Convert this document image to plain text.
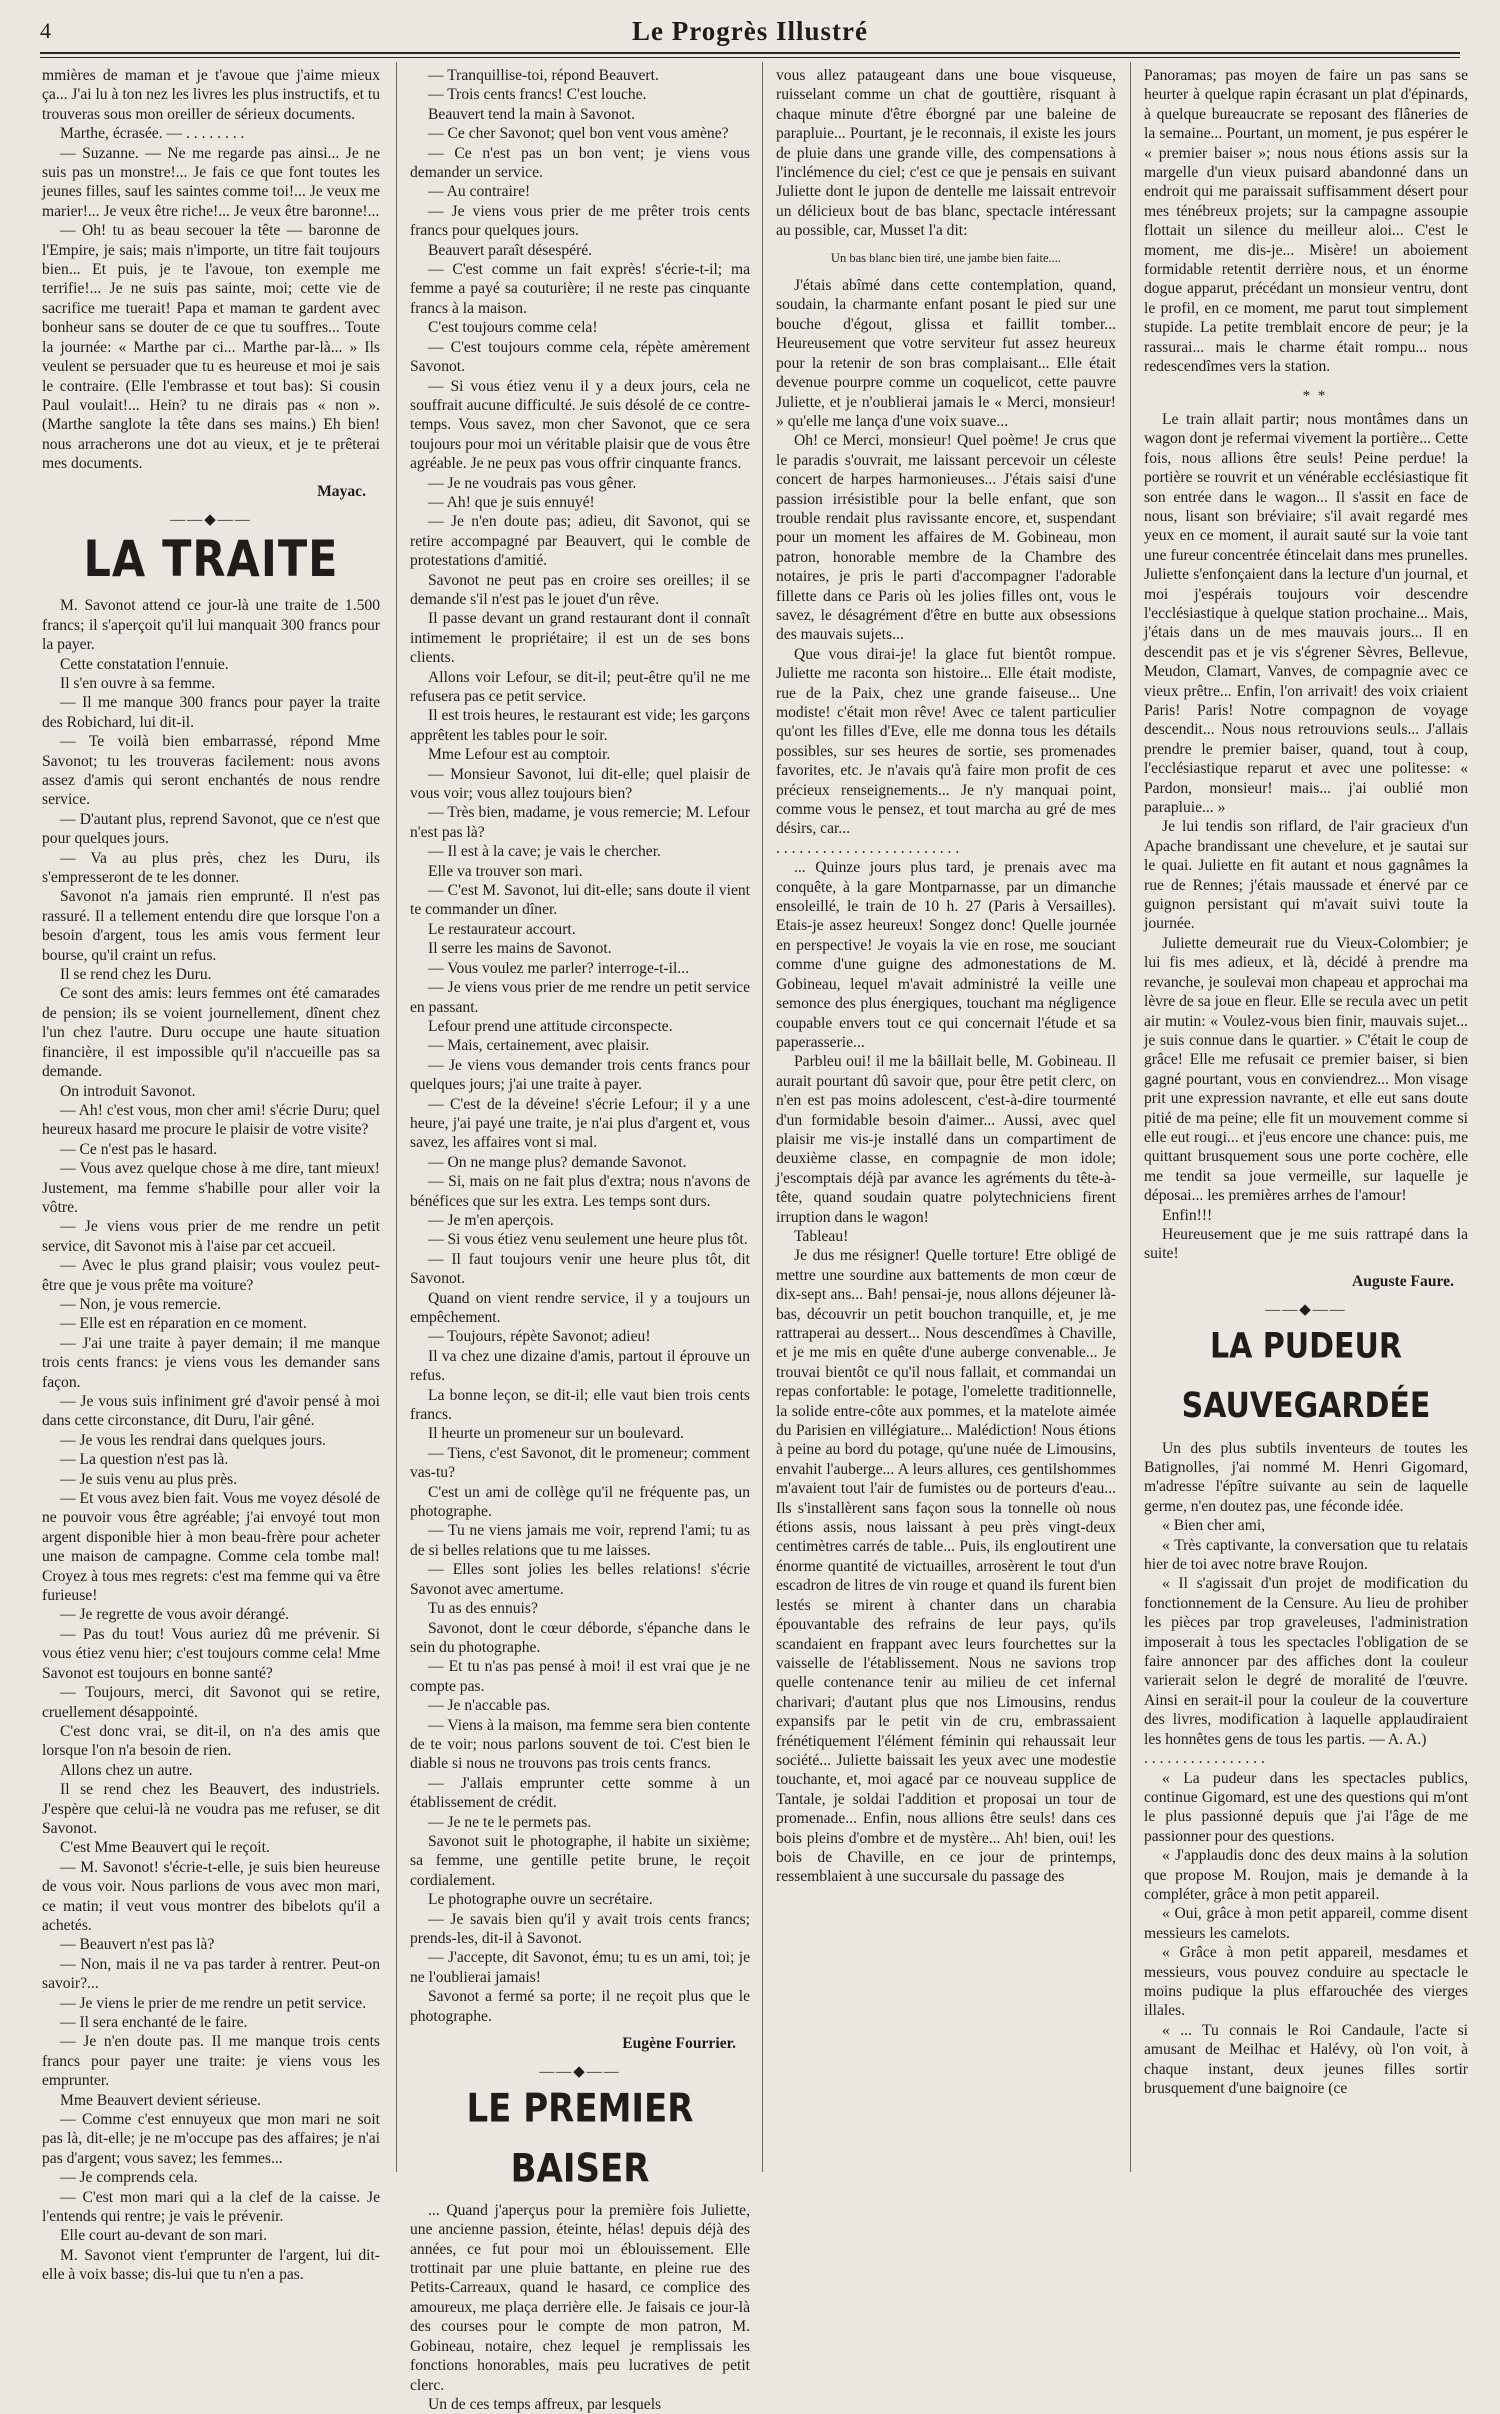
4	Le Progrès Illustré

mmières de maman et je t'avoue que j'aime mieux ça... J'ai lu à ton nez les livres les plus instructifs, et tu trouveras sous mon oreiller de sérieux documents.

Marthe, écrasée. — . . . . . . . .

— Suzanne. — Ne me regarde pas ainsi... Je ne suis pas un monstre!... Je fais ce que font toutes les jeunes filles, sauf les saintes comme toi!... Je veux me marier!... Je veux être riche!... Je veux être baronne!...

— Oh! tu as beau secouer la tête — baronne de l'Empire, je sais; mais n'importe, un titre fait toujours bien... Et puis, je te l'avoue, ton exemple me terrifie!... Je ne suis pas sainte, moi; cette vie de sacrifice me tuerait! Papa et maman te gardent avec bonheur sans se douter de ce que tu souffres... Toute la journée: « Marthe par ci... Marthe par-là... » Ils veulent se persuader que tu es heureuse et moi je sais le contraire. (Elle l'embrasse et tout bas): Si cousin Paul voulait!... Hein? tu ne dirais pas « non ». (Marthe sanglote la tête dans ses mains.) Eh bien! nous arracherons une dot au vieux, et je te prêterai mes documents.

Mayac.

——◆——
LA TRAITE

M. Savonot attend ce jour-là une traite de 1.500 francs; il s'aperçoit qu'il lui manquait 300 francs pour la payer.

Cette constatation l'ennuie.

Il s'en ouvre à sa femme.

— Il me manque 300 francs pour payer la traite des Robichard, lui dit-il.

— Te voilà bien embarrassé, répond Mme Savonot; tu les trouveras facilement: nous avons assez d'amis qui seront enchantés de nous rendre service.

— D'autant plus, reprend Savonot, que ce n'est que pour quelques jours.

— Va au plus près, chez les Duru, ils s'empresseront de te les donner.

Savonot n'a jamais rien emprunté. Il n'est pas rassuré. Il a tellement entendu dire que lorsque l'on a besoin d'argent, tous les amis vous ferment leur bourse, qu'il craint un refus.

Il se rend chez les Duru.

Ce sont des amis: leurs femmes ont été camarades de pension; ils se voient journellement, dînent chez l'un chez l'autre. Duru occupe une haute situation financière, il est impossible qu'il n'accueille pas sa demande.

On introduit Savonot.

— Ah! c'est vous, mon cher ami! s'écrie Duru; quel heureux hasard me procure le plaisir de votre visite?

— Ce n'est pas le hasard.

— Vous avez quelque chose à me dire, tant mieux! Justement, ma femme s'habille pour aller voir la vôtre.

— Je viens vous prier de me rendre un petit service, dit Savonot mis à l'aise par cet accueil.

— Avec le plus grand plaisir; vous voulez peut-être que je vous prête ma voiture?

— Non, je vous remercie.

— Elle est en réparation en ce moment.

— J'ai une traite à payer demain; il me manque trois cents francs: je viens vous les demander sans façon.

— Je vous suis infiniment gré d'avoir pensé à moi dans cette circonstance, dit Duru, l'air gêné.

— Je vous les rendrai dans quelques jours.

— La question n'est pas là.

— Je suis venu au plus près.

— Et vous avez bien fait. Vous me voyez désolé de ne pouvoir vous être agréable; j'ai envoyé tout mon argent disponible hier à mon beau-frère pour acheter une maison de campagne. Comme cela tombe mal! Croyez à tous mes regrets: c'est ma femme qui va être furieuse!

— Je regrette de vous avoir dérangé.

— Pas du tout! Vous auriez dû me prévenir. Si vous étiez venu hier; c'est toujours comme cela! Mme Savonot est toujours en bonne santé?

— Toujours, merci, dit Savonot qui se retire, cruellement désappointé.

C'est donc vrai, se dit-il, on n'a des amis que lorsque l'on n'a besoin de rien.

Allons chez un autre.

Il se rend chez les Beauvert, des industriels. J'espère que celui-là ne voudra pas me refuser, se dit Savonot.

C'est Mme Beauvert qui le reçoit.

— M. Savonot! s'écrie-t-elle, je suis bien heureuse de vous voir. Nous parlions de vous avec mon mari, ce matin; il veut vous montrer des bibelots qu'il a achetés.

— Beauvert n'est pas là?

— Non, mais il ne va pas tarder à rentrer. Peut-on savoir?...

— Je viens le prier de me rendre un petit service.

— Il sera enchanté de le faire.

— Je n'en doute pas. Il me manque trois cents francs pour payer une traite: je viens vous les emprunter.

Mme Beauvert devient sérieuse.

— Comme c'est ennuyeux que mon mari ne soit pas là, dit-elle; je ne m'occupe pas des affaires; je n'ai pas d'argent; vous savez; les femmes...

— Je comprends cela.

— C'est mon mari qui a la clef de la caisse. Je l'entends qui rentre; je vais le prévenir.

Elle court au-devant de son mari.

M. Savonot vient t'emprunter de l'argent, lui dit-elle à voix basse; dis-lui que tu n'en a pas.

— Tranquillise-toi, répond Beauvert.

— Trois cents francs! C'est louche.

Beauvert tend la main à Savonot.

— Ce cher Savonot; quel bon vent vous amène?

— Ce n'est pas un bon vent; je viens vous demander un service.

— Au contraire!

— Je viens vous prier de me prêter trois cents francs pour quelques jours.

Beauvert paraît désespéré.

— C'est comme un fait exprès! s'écrie-t-il; ma femme a payé sa couturière; il ne reste pas cinquante francs à la maison.

C'est toujours comme cela!

— C'est toujours comme cela, répète amèrement Savonot.

— Si vous étiez venu il y a deux jours, cela ne souffrait aucune difficulté. Je suis désolé de ce contre-temps. Vous savez, mon cher Savonot, que ce sera toujours pour moi un véritable plaisir que de vous être agréable. Je ne peux pas vous offrir cinquante francs.

— Je ne voudrais pas vous gêner.

— Ah! que je suis ennuyé!

— Je n'en doute pas; adieu, dit Savonot, qui se retire accompagné par Beauvert, qui le comble de protestations d'amitié.

Savonot ne peut pas en croire ses oreilles; il se demande s'il n'est pas le jouet d'un rêve.

Il passe devant un grand restaurant dont il connaît intimement le propriétaire; il est un de ses bons clients.

Allons voir Lefour, se dit-il; peut-être qu'il ne me refusera pas ce petit service.

Il est trois heures, le restaurant est vide; les garçons apprêtent les tables pour le soir.

Mme Lefour est au comptoir.

— Monsieur Savonot, lui dit-elle; quel plaisir de vous voir; vous allez toujours bien?

— Très bien, madame, je vous remercie; M. Lefour n'est pas là?

— Il est à la cave; je vais le chercher.

Elle va trouver son mari.

— C'est M. Savonot, lui dit-elle; sans doute il vient te commander un dîner.

Le restaurateur accourt.

Il serre les mains de Savonot.

— Vous voulez me parler? interroge-t-il...

— Je viens vous prier de me rendre un petit service en passant.

Lefour prend une attitude circonspecte.

— Mais, certainement, avec plaisir.

— Je viens vous demander trois cents francs pour quelques jours; j'ai une traite à payer.

— C'est de la déveine! s'écrie Lefour; il y a une heure, j'ai payé une traite, je n'ai plus d'argent et, vous savez, les affaires vont si mal.

— On ne mange plus? demande Savonot.

— Si, mais on ne fait plus d'extra; nous n'avons de bénéfices que sur les extra. Les temps sont durs.

— Je m'en aperçois.

— Si vous étiez venu seulement une heure plus tôt.

— Il faut toujours venir une heure plus tôt, dit Savonot.

Quand on vient rendre service, il y a toujours un empêchement.

— Toujours, répète Savonot; adieu!

Il va chez une dizaine d'amis, partout il éprouve un refus.

La bonne leçon, se dit-il; elle vaut bien trois cents francs.

Il heurte un promeneur sur un boulevard.

— Tiens, c'est Savonot, dit le promeneur; comment vas-tu?

C'est un ami de collège qu'il ne fréquente pas, un photographe.

— Tu ne viens jamais me voir, reprend l'ami; tu as de si belles relations que tu me laisses.

— Elles sont jolies les belles relations! s'écrie Savonot avec amertume.

Tu as des ennuis?

Savonot, dont le cœur déborde, s'épanche dans le sein du photographe.

— Et tu n'as pas pensé à moi! il est vrai que je ne compte pas.

— Je n'accable pas.

— Viens à la maison, ma femme sera bien contente de te voir; nous parlons souvent de toi. C'est bien le diable si nous ne trouvons pas trois cents francs.

— J'allais emprunter cette somme à un établissement de crédit.

— Je ne te le permets pas.

Savonot suit le photographe, il habite un sixième; sa femme, une gentille petite brune, le reçoit cordialement.

Le photographe ouvre un secrétaire.

— Je savais bien qu'il y avait trois cents francs; prends-les, dit-il à Savonot.

— J'accepte, dit Savonot, ému; tu es un ami, toi; je ne l'oublierai jamais!

Savonot a fermé sa porte; il ne reçoit plus que le photographe.

Eugène Fourrier.

——◆——
LE PREMIER BAISER

... Quand j'aperçus pour la première fois Juliette, une ancienne passion, éteinte, hélas! depuis déjà des années, ce fut pour moi un éblouissement. Elle trottinait par une pluie battante, en pleine rue des Petits-Carreaux, quand le hasard, ce complice des amoureux, me plaça derrière elle. Je faisais ce jour-là des courses pour le compte de mon patron, M. Gobineau, notaire, chez lequel je remplissais les fonctions honorables, mais peu lucratives de petit clerc.

Un de ces temps affreux, par lesquels

vous allez pataugeant dans une boue visqueuse, ruisselant comme un chat de gouttière, risquant à chaque minute d'être éborgné par une baleine de parapluie... Pourtant, je le reconnais, il existe les jours de pluie dans une grande ville, des compensations à l'inclémence du ciel; c'est ce que je pensais en suivant Juliette dont le jupon de dentelle me laissait entrevoir un délicieux bout de bas blanc, spectacle intéressant au possible, car, Musset l'a dit:

Un bas blanc bien tiré, une jambe bien faite....

J'étais abîmé dans cette contemplation, quand, soudain, la charmante enfant posant le pied sur une bouche d'égout, glissa et faillit tomber... Heureusement que votre serviteur fut assez heureux pour la retenir de son bras complaisant... Elle était devenue pourpre comme un coquelicot, cette pauvre Juliette, et je n'oublierai jamais le « Merci, monsieur! » qu'elle me lança d'une voix suave...

Oh! ce Merci, monsieur! Quel poème! Je crus que le paradis s'ouvrait, me laissant percevoir un céleste concert de harpes harmonieuses... J'étais saisi d'une passion irrésistible pour la belle enfant, que son trouble rendait plus ravissante encore, et, suspendant pour un moment les affaires de M. Gobineau, mon patron, honorable membre de la Chambre des notaires, je pris le parti d'accompagner l'adorable fillette dans ce Paris où les jolies filles ont, vous le savez, le désagrément d'être en butte aux obsessions des mauvais sujets...

Que vous dirai-je! la glace fut bientôt rompue. Juliette me raconta son histoire... Elle était modiste, rue de la Paix, chez une grande faiseuse... Une modiste! c'était mon rêve! Avec ce talent particulier qu'ont les filles d'Eve, elle me donna tous les détails possibles, sur ses heures de sortie, ses promenades favorites, etc. Je n'avais qu'à faire mon profit de ces précieux renseignements... Je n'y manquai point, comme vous le pensez, et tout marcha au gré de mes désirs, car...

. . . . . . . . . . . . . . . . . . . . . . . .

... Quinze jours plus tard, je prenais avec ma conquête, à la gare Montparnasse, par un dimanche ensoleillé, le train de 10 h. 27 (Paris à Versailles). Etais-je assez heureux! Songez donc! Quelle journée en perspective! Je voyais la vie en rose, me souciant comme d'une guigne des admonestations de M. Gobineau, lequel m'avait administré la veille une semonce des plus énergiques, touchant ma négligence coupable envers tout ce qui concernait l'étude et sa paperasserie...

Parbleu oui! il me la bâillait belle, M. Gobineau. Il aurait pourtant dû savoir que, pour être petit clerc, on n'en est pas moins adolescent, c'est-à-dire tourmenté d'un formidable besoin d'aimer... Aussi, avec quel plaisir me vis-je installé dans un compartiment de deuxième classe, en compagnie de mon idole; j'escomptais déjà par avance les agréments du tête-à-tête, quand soudain quatre polytechniciens firent irruption dans le wagon!

Tableau!

Je dus me résigner! Quelle torture! Etre obligé de mettre une sourdine aux battements de mon cœur de dix-sept ans... Bah! pensai-je, nous allons déjeuner là-bas, découvrir un petit bouchon tranquille, et, je me rattraperai au dessert... Nous descendîmes à Chaville, et je me mis en quête d'une auberge convenable... Je trouvai bientôt ce qu'il nous fallait, et commandai un repas confortable: le potage, l'omelette traditionnelle, la solide entre-côte aux pommes, et la matelote aimée du Parisien en villégiature... Malédiction! Nous étions à peine au bord du potage, qu'une nuée de Limousins, envahit l'auberge... A leurs allures, ces gentilshommes m'avaient tout l'air de fumistes ou de porteurs d'eau... Ils s'installèrent sans façon sous la tonnelle où nous étions assis, nous laissant à peu près vingt-deux centimètres carrés de table... Puis, ils engloutirent une énorme quantité de victuailles, arrosèrent le tout d'un escadron de litres de vin rouge et quand ils furent bien lestés se mirent à chanter dans un charabia épouvantable des refrains de leur pays, qu'ils scandaient en frappant avec leurs fourchettes sur la vaisselle de l'établissement. Nous ne savions trop quelle contenance tenir au milieu de cet infernal charivari; d'autant plus que nos Limousins, rendus expansifs par le petit vin de cru, embrassaient frénétiquement l'élément féminin qui rehaussait leur société... Juliette baissait les yeux avec une modestie touchante, et, moi agacé par ce nouveau supplice de Tantale, je soldai l'addition et proposai un tour de promenade... Enfin, nous allions être seuls! dans ces bois pleins d'ombre et de mystère... Ah! bien, oui! les bois de Chaville, en ce jour de printemps, ressemblaient à une succursale du passage des

Panoramas; pas moyen de faire un pas sans se heurter à quelque rapin écrasant un plat d'épinards, à quelque bureaucrate se reposant des flâneries de la semaine... Pourtant, un moment, je pus espérer le « premier baiser »; nous nous étions assis sur la margelle d'un vieux puisard abandonné dans un endroit qui me paraissait suffisamment désert pour mes ténébreux projets; sur la campagne assoupie flottait un silence du meilleur aloi... C'est le moment, me dis-je... Misère! un aboiement formidable retentit derrière nous, et un énorme dogue apparut, précédant un monsieur ventru, dont le profil, en ce moment, me parut tout simplement stupide. La petite tremblait encore de peur; je la rassurai... mais le charme était rompu... nous redescendîmes vers la station.

* *

Le train allait partir; nous montâmes dans un wagon dont je refermai vivement la portière... Cette fois, nous allions être seuls! Peine perdue! la portière se rouvrit et un vénérable ecclésiastique fit son entrée dans le wagon... Il s'assit en face de nous, lisant son bréviaire; s'il avait regardé mes yeux en ce moment, il aurait sauté sur la voie tant une fureur concentrée étincelait dans mes prunelles. Juliette s'enfonçaient dans la lecture d'un journal, et moi j'espérais toujours voir descendre l'ecclésiastique à quelque station prochaine... Mais, j'étais dans un de mes mauvais jours... Il en descendit pas et je vis s'égrener Sèvres, Bellevue, Meudon, Clamart, Vanves, de compagnie avec ce vieux prêtre... Enfin, l'on arrivait! des voix criaient Paris! Paris! Notre compagnon de voyage descendit... Nous nous retrouvions seuls... J'allais prendre le premier baiser, quand, tout à coup, l'ecclésiastique reparut et avec une politesse: « Pardon, monsieur! mais... j'ai oublié mon parapluie... »

Je lui tendis son riflard, de l'air gracieux d'un Apache brandissant une chevelure, et je sautai sur le quai. Juliette en fit autant et nous gagnâmes la rue de Rennes; j'étais maussade et énervé par ce guignon persistant qui m'avait suivi toute la journée.

Juliette demeurait rue du Vieux-Colombier; je lui fis mes adieux, et là, décidé à prendre ma revanche, je soulevai mon chapeau et approchai ma lèvre de sa joue en fleur. Elle se recula avec un petit air mutin: « Voulez-vous bien finir, mauvais sujet... je suis connue dans le quartier. » C'était le coup de grâce! Elle me refusait ce premier baiser, si bien gagné pourtant, vous en conviendrez... Mon visage prit une expression navrante, et elle eut sans doute pitié de ma peine; elle fit un mouvement comme si elle eut rougi... et j'eus encore une chance: puis, me quittant brusquement sous une porte cochère, elle me tendit sa joue vermeille, sur laquelle je déposai... les premières arrhes de l'amour!

Enfin!!!

Heureusement que je me suis rattrapé dans la suite!

Auguste Faure.

——◆——
LA PUDEUR SAUVEGARDÉE

Un des plus subtils inventeurs de toutes les Batignolles, j'ai nommé M. Henri Gigomard, m'adresse l'épître suivante au sein de laquelle germe, n'en doutez pas, une féconde idée.

« Bien cher ami,

« Très captivante, la conversation que tu relatais hier de toi avec notre brave Roujon.

« Il s'agissait d'un projet de modification du fonctionnement de la Censure. Au lieu de prohiber les pièces par trop graveleuses, l'administration imposerait à tous les spectacles l'obligation de se faire annoncer par des affiches dont la couleur varierait selon le degré de moralité de l'œuvre. Ainsi en serait-il pour la couleur de la couverture des livres, modification à laquelle applaudiraient les honnêtes gens de tous les partis. — A. A.)

. . . . . . . . . . . . . . . .

« La pudeur dans les spectacles publics, continue Gigomard, est une des questions qui m'ont le plus passionné depuis que j'ai l'âge de me passionner pour des questions.

« J'applaudis donc des deux mains à la solution que propose M. Roujon, mais je demande à la compléter, grâce à mon petit appareil.

« Oui, grâce à mon petit appareil, comme disent messieurs les camelots.

« Grâce à mon petit appareil, mesdames et messieurs, vous pouvez conduire au spectacle le moins pudique la plus effarouchée des vierges illales.

« ... Tu connais le Roi Candaule, l'acte si amusant de Meilhac et Halévy, où l'on voit, à chaque instant, deux jeunes filles sortir brusquement d'une baignoire (ce
